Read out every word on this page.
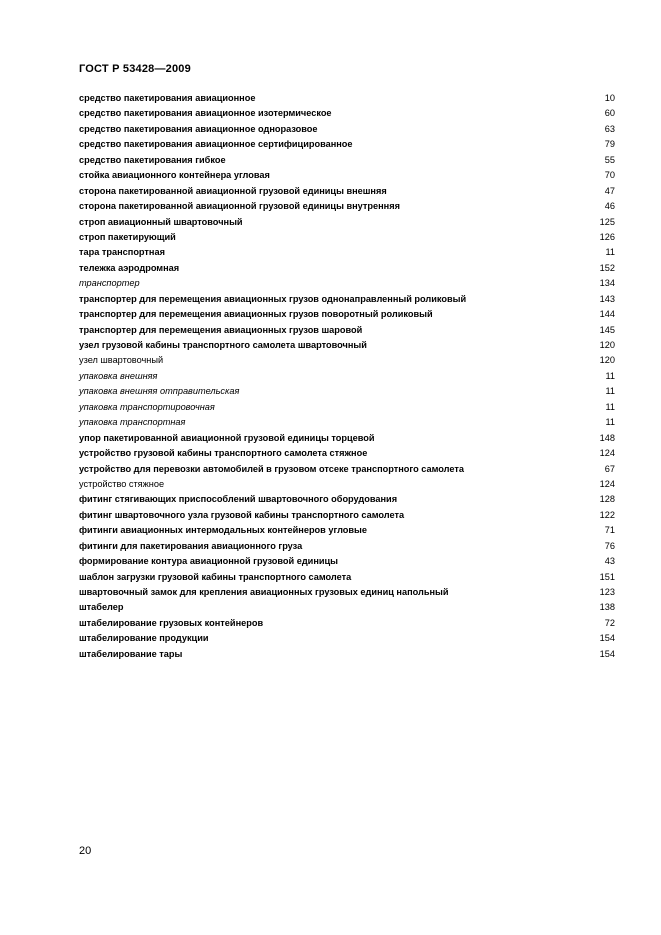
ГОСТ Р 53428—2009
средство пакетирования авиационное	10
средство пакетирования авиационное изотермическое	60
средство пакетирования авиационное одноразовое	63
средство пакетирования авиационное сертифицированное	79
средство пакетирования гибкое	55
стойка авиационного контейнера угловая	70
сторона пакетированной авиационной грузовой единицы внешняя	47
сторона пакетированной авиационной грузовой единицы внутренняя	46
строп авиационный швартовочный	125
строп пакетирующий	126
тара транспортная	11
тележка аэродромная	152
транспортер	134
транспортер для перемещения авиационных грузов однонаправленный роликовый	143
транспортер для перемещения авиационных грузов поворотный роликовый	144
транспортер для перемещения авиационных грузов шаровой	145
узел грузовой кабины транспортного самолета швартовочный	120
узел швартовочный	120
упаковка внешняя	11
упаковка внешняя отправительская	11
упаковка транспортировочная	11
упаковка транспортная	11
упор пакетированной авиационной грузовой единицы торцевой	148
устройство грузовой кабины транспортного самолета стяжное	124
устройство для перевозки автомобилей в грузовом отсеке транспортного самолета	67
устройство стяжное	124
фитинг стягивающих приспособлений швартовочного оборудования	128
фитинг швартовочного узла грузовой кабины транспортного самолета	122
фитинги авиационных интермодальных контейнеров угловые	71
фитинги для пакетирования авиационного груза	76
формирование контура авиационной грузовой единицы	43
шаблон загрузки грузовой кабины транспортного самолета	151
швартовочный замок для крепления авиационных грузовых единиц напольный	123
штабелер	138
штабелирование грузовых контейнеров	72
штабелирование продукции	154
штабелирование тары	154
20
